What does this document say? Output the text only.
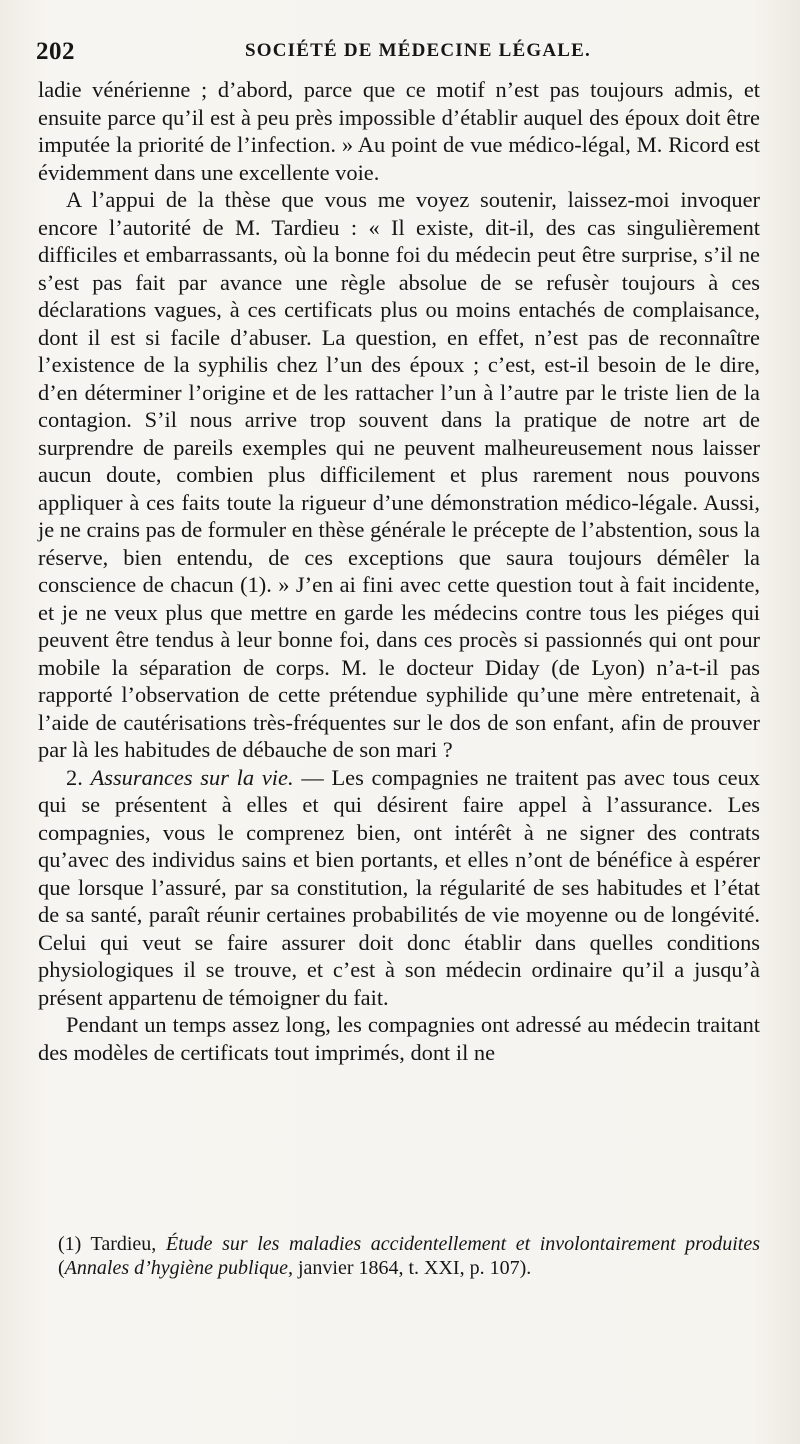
202	SOCIÉTÉ DE MÉDECINE LÉGALE.

ladie vénérienne ; d’abord, parce que ce motif n’est pas toujours admis, et ensuite parce qu’il est à peu près impossible d’établir auquel des époux doit être imputée la priorité de l’infection. » Au point de vue médico-légal, M. Ricord est évidemment dans une excellente voie.

A l’appui de la thèse que vous me voyez soutenir, laissez-moi invoquer encore l’autorité de M. Tardieu : « Il existe, dit-il, des cas singulièrement difficiles et embarrassants, où la bonne foi du médecin peut être surprise, s’il ne s’est pas fait par avance une règle absolue de se refusèr toujours à ces déclarations vagues, à ces certificats plus ou moins entachés de complaisance, dont il est si facile d’abuser. La question, en effet, n’est pas de reconnaître l’existence de la syphilis chez l’un des époux ; c’est, est-il besoin de le dire, d’en déterminer l’origine et de les rattacher l’un à l’autre par le triste lien de la contagion. S’il nous arrive trop souvent dans la pratique de notre art de surprendre de pareils exemples qui ne peuvent malheureusement nous laisser aucun doute, combien plus difficilement et plus rarement nous pouvons appliquer à ces faits toute la rigueur d’une démonstration médico-légale. Aussi, je ne crains pas de formuler en thèse générale le précepte de l’abstention, sous la réserve, bien entendu, de ces exceptions que saura toujours démêler la conscience de chacun (1). » J’en ai fini avec cette question tout à fait incidente, et je ne veux plus que mettre en garde les médecins contre tous les piéges qui peuvent être tendus à leur bonne foi, dans ces procès si passionnés qui ont pour mobile la séparation de corps. M. le docteur Diday (de Lyon) n’a-t-il pas rapporté l’observation de cette prétendue syphilide qu’une mère entretenait, à l’aide de cautérisations très-fréquentes sur le dos de son enfant, afin de prouver par là les habitudes de débauche de son mari ?

2. Assurances sur la vie. — Les compagnies ne traitent pas avec tous ceux qui se présentent à elles et qui désirent faire appel à l’assurance. Les compagnies, vous le comprenez bien, ont intérêt à ne signer des contrats qu’avec des individus sains et bien portants, et elles n’ont de bénéfice à espérer que lorsque l’assuré, par sa constitution, la régularité de ses habitudes et l’état de sa santé, paraît réunir certaines probabilités de vie moyenne ou de longévité. Celui qui veut se faire assurer doit donc établir dans quelles conditions physiologiques il se trouve, et c’est à son médecin ordinaire qu’il a jusqu’à présent appartenu de témoigner du fait.

Pendant un temps assez long, les compagnies ont adressé au médecin traitant des modèles de certificats tout imprimés, dont il ne

(1) Tardieu, Étude sur les maladies accidentellement et involontairement produites (Annales d’hygiène publique, janvier 1864, t. XXI, p. 107).
